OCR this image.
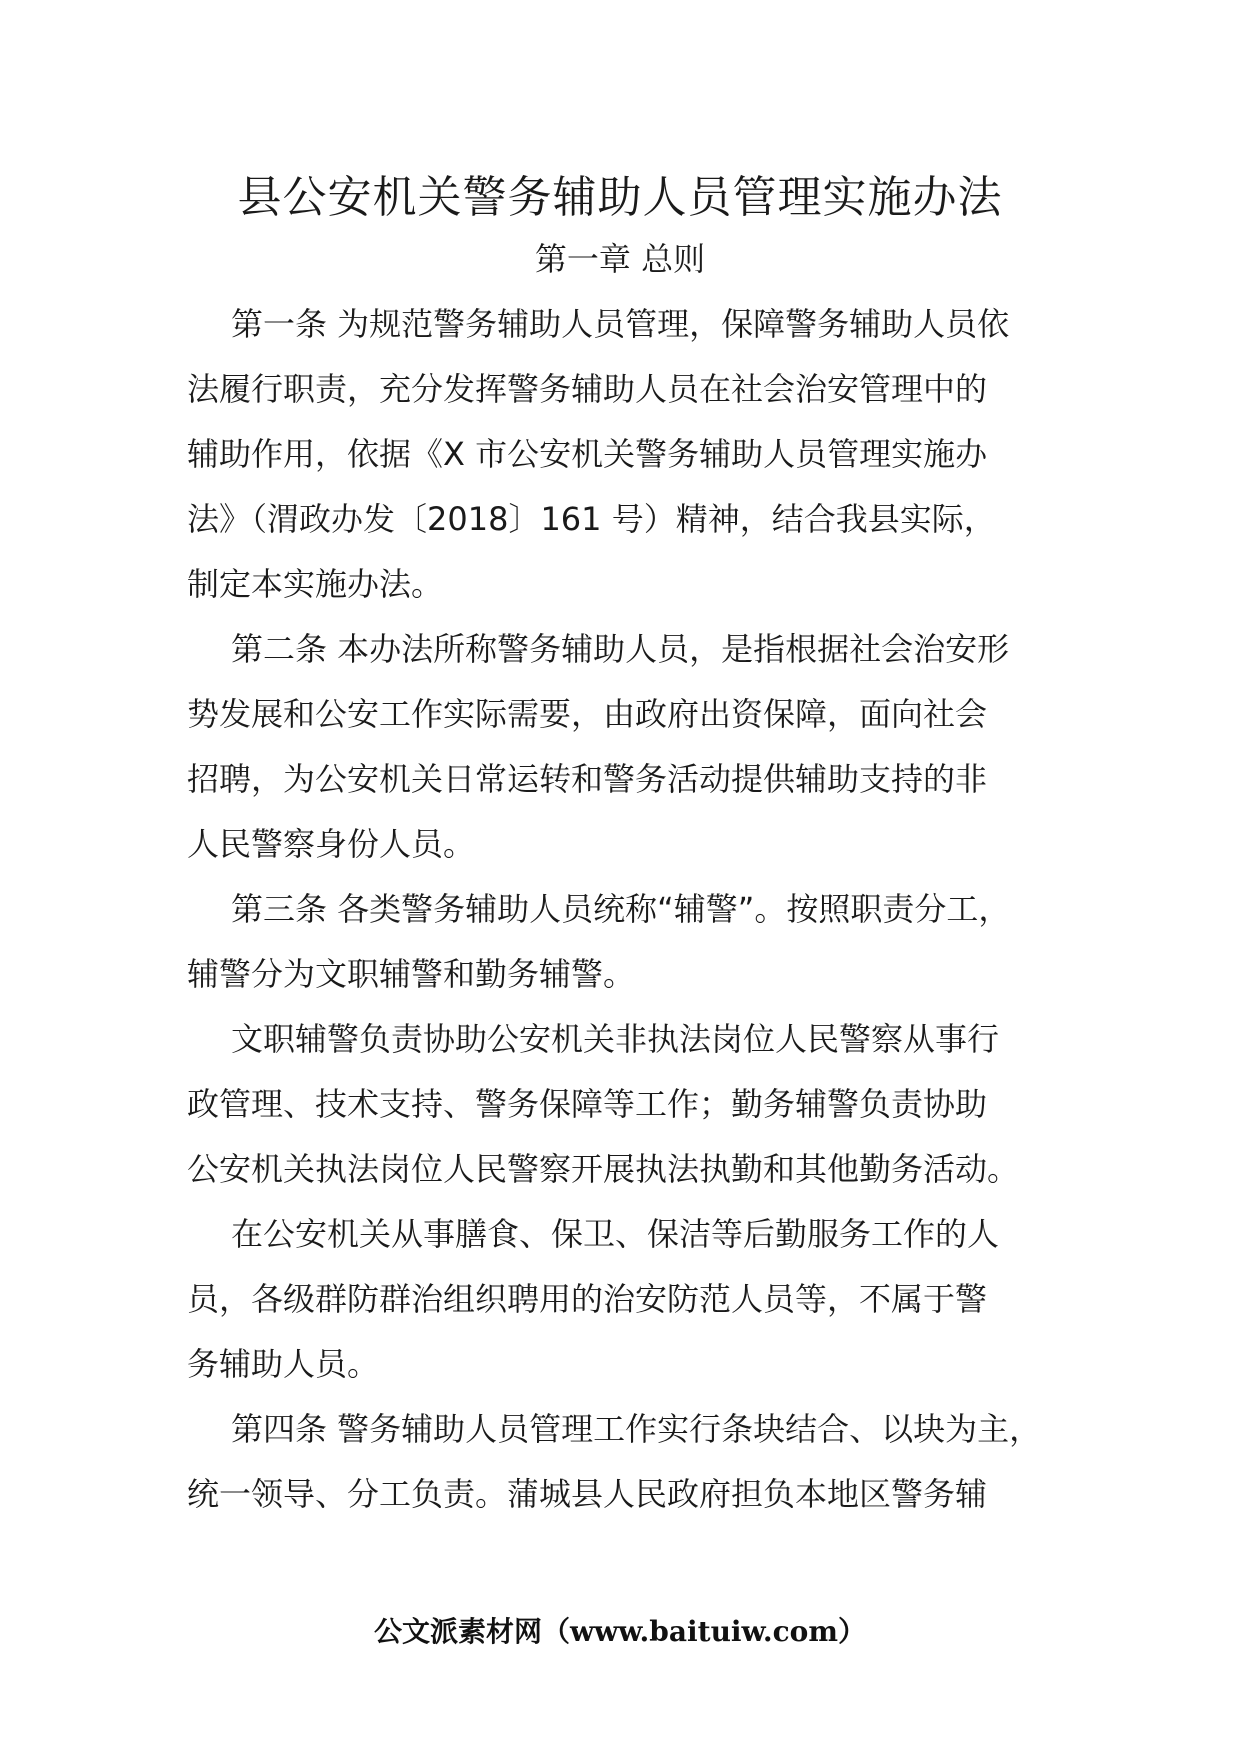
县公安机关警务辅助人员管理实施办法
第一章 总则
第一条 为规范警务辅助人员管理，保障警务辅助人员依
法履行职责，充分发挥警务辅助人员在社会治安管理中的
辅助作用，依据《X 市公安机关警务辅助人员管理实施办
法》（渭政办发〔2018〕161 号）精神，结合我县实际，
制定本实施办法。
第二条 本办法所称警务辅助人员，是指根据社会治安形
势发展和公安工作实际需要，由政府出资保障，面向社会
招聘，为公安机关日常运转和警务活动提供辅助支持的非
人民警察身份人员。
第三条 各类警务辅助人员统称“辅警”。按照职责分工，
辅警分为文职辅警和勤务辅警。
文职辅警负责协助公安机关非执法岗位人民警察从事行
政管理、技术支持、警务保障等工作；勤务辅警负责协助
公安机关执法岗位人民警察开展执法执勤和其他勤务活动。
在公安机关从事膳食、保卫、保洁等后勤服务工作的人
员，各级群防群治组织聘用的治安防范人员等，不属于警
务辅助人员。
第四条 警务辅助人员管理工作实行条块结合、以块为主，
统一领导、分工负责。蒲城县人民政府担负本地区警务辅
公文派素材网（www.baituiw.com）
